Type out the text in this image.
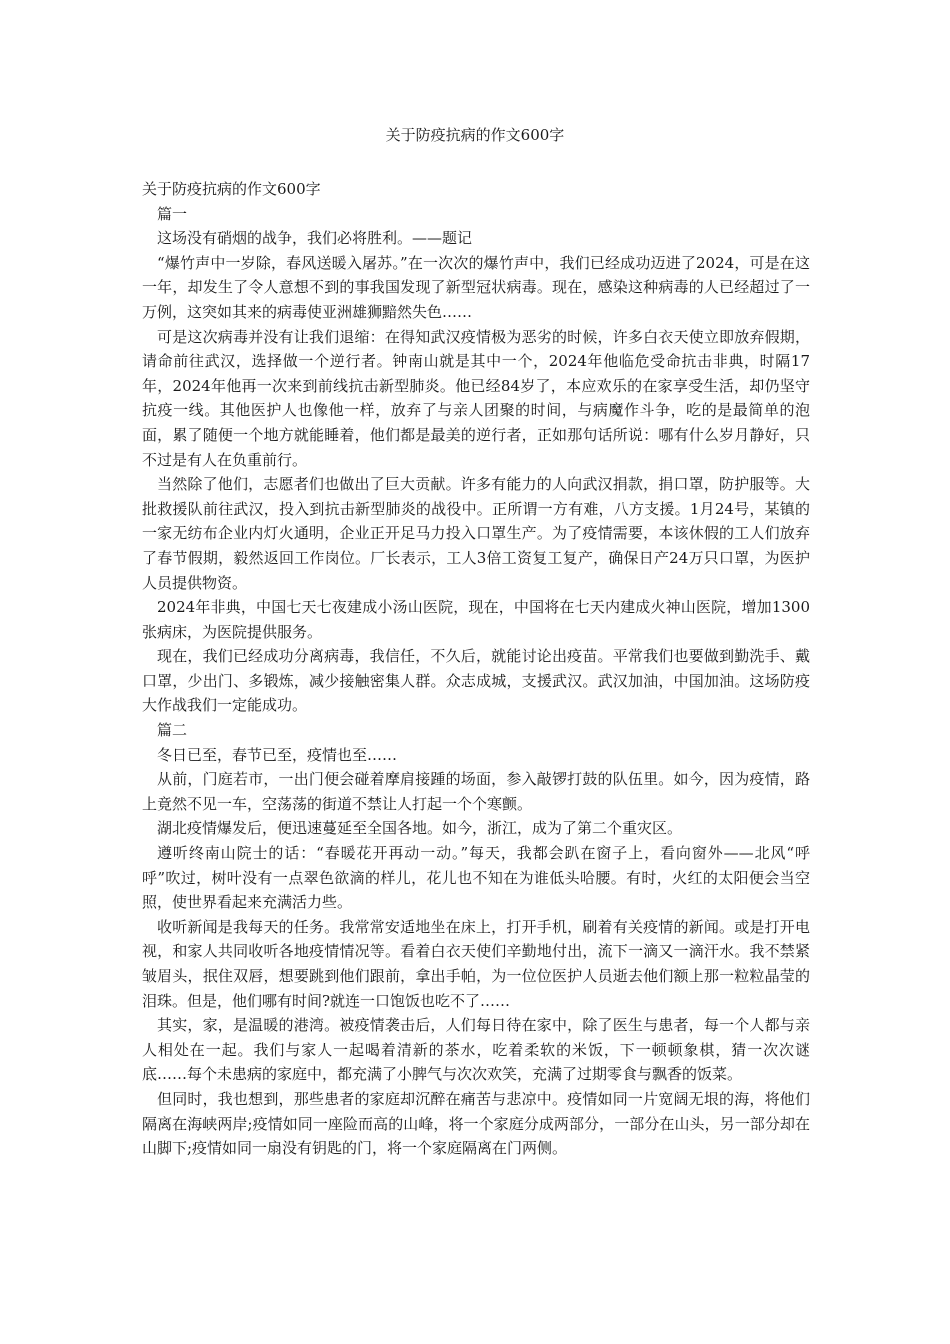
关于防疫抗病的作文600字

关于防疫抗病的作文600字

篇一

这场没有硝烟的战争，我们必将胜利。——题记

“爆竹声中一岁除，春风送暖入屠苏。”在一次次的爆竹声中，我们已经成功迈进了2024，可是在这一年，却发生了令人意想不到的事我国发现了新型冠状病毒。现在，感染这种病毒的人已经超过了一万例，这突如其来的病毒使亚洲雄狮黯然失色……

可是这次病毒并没有让我们退缩：在得知武汉疫情极为恶劣的时候，许多白衣天使立即放弃假期，请命前往武汉，选择做一个逆行者。钟南山就是其中一个，2024年他临危受命抗击非典，时隔17年，2024年他再一次来到前线抗击新型肺炎。他已经84岁了，本应欢乐的在家享受生活，却仍坚守抗疫一线。其他医护人也像他一样，放弃了与亲人团聚的时间，与病魔作斗争，吃的是最简单的泡面，累了随便一个地方就能睡着，他们都是最美的逆行者，正如那句话所说：哪有什么岁月静好，只不过是有人在负重前行。

当然除了他们，志愿者们也做出了巨大贡献。许多有能力的人向武汉捐款，捐口罩，防护服等。大批救援队前往武汉，投入到抗击新型肺炎的战役中。正所谓一方有难，八方支援。1月24号，某镇的一家无纺布企业内灯火通明，企业正开足马力投入口罩生产。为了疫情需要，本该休假的工人们放弃了春节假期，毅然返回工作岗位。厂长表示，工人3倍工资复工复产，确保日产24万只口罩，为医护人员提供物资。

2024年非典，中国七天七夜建成小汤山医院，现在，中国将在七天内建成火神山医院，增加1300张病床，为医院提供服务。

现在，我们已经成功分离病毒，我信任，不久后，就能讨论出疫苗。平常我们也要做到勤洗手、戴口罩，少出门、多锻炼，减少接触密集人群。众志成城，支援武汉。武汉加油，中国加油。这场防疫大作战我们一定能成功。

篇二

冬日已至，春节已至，疫情也至……

从前，门庭若市，一出门便会碰着摩肩接踵的场面，参入敲锣打鼓的队伍里。如今，因为疫情，路上竟然不见一车，空荡荡的街道不禁让人打起一个个寒颤。

湖北疫情爆发后，便迅速蔓延至全国各地。如今，浙江，成为了第二个重灾区。

遵听终南山院士的话：“春暖花开再动一动。”每天，我都会趴在窗子上，看向窗外——北风“呼呼”吹过，树叶没有一点翠色欲滴的样儿，花儿也不知在为谁低头哈腰。有时，火红的太阳便会当空照，使世界看起来充满活力些。

收听新闻是我每天的任务。我常常安适地坐在床上，打开手机，刷着有关疫情的新闻。或是打开电视，和家人共同收听各地疫情情况等。看着白衣天使们辛勤地付出，流下一滴又一滴汗水。我不禁紧皱眉头，抿住双唇，想要跳到他们跟前，拿出手帕，为一位位医护人员逝去他们额上那一粒粒晶莹的泪珠。但是，他们哪有时间?就连一口饱饭也吃不了……

其实，家，是温暖的港湾。被疫情袭击后，人们每日待在家中，除了医生与患者，每一个人都与亲人相处在一起。我们与家人一起喝着清新的茶水，吃着柔软的米饭，下一顿顿象棋，猜一次次谜底……每个未患病的家庭中，都充满了小脾气与次次欢笑，充满了过期零食与飘香的饭菜。

但同时，我也想到，那些患者的家庭却沉醉在痛苦与悲凉中。疫情如同一片宽阔无垠的海，将他们隔离在海峡两岸;疫情如同一座险而高的山峰，将一个家庭分成两部分，一部分在山头，另一部分却在山脚下;疫情如同一扇没有钥匙的门，将一个家庭隔离在门两侧。
